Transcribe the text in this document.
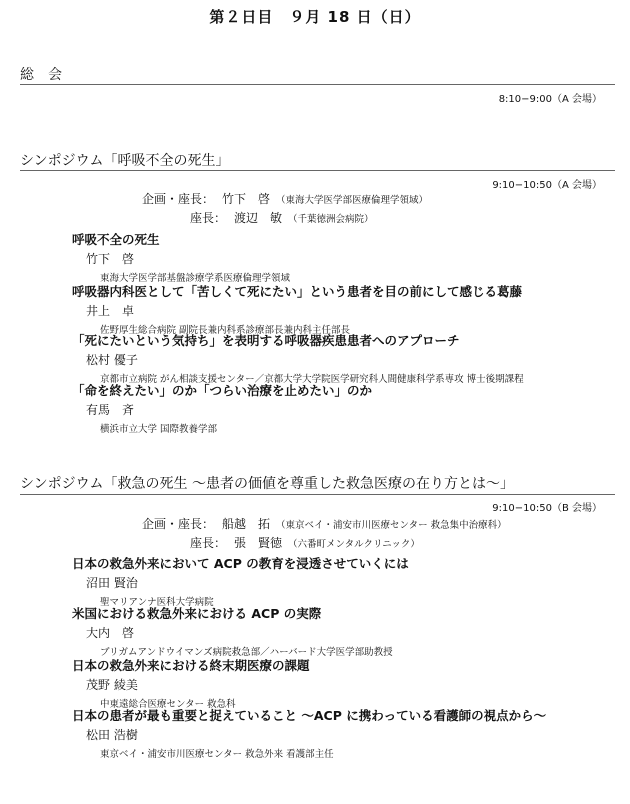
第２日目　９月 18 日（日）
総　会
8:10−9:00（A 会場）
シンポジウム「呼吸不全の死生」
9:10−10:50（A 会場）
企画・座長： 竹下　啓 （東海大学医学部医療倫理学領域）
座長： 渡辺　敏 （千葉徳洲会病院）
呼吸不全の死生
竹下　啓
東海大学医学部基盤診療学系医療倫理学領域
呼吸器内科医として「苦しくて死にたい」という患者を目の前にして感じる葛藤
井上　卓
佐野厚生総合病院 副院長兼内科系診療部長兼内科主任部長
「死にたいという気持ち」を表明する呼吸器疾患患者へのアプローチ
松村 優子
京都市立病院 がん相談支援センター／京都大学大学院医学研究科人間健康科学系専攻 博士後期課程
「命を終えたい」のか「つらい治療を止めたい」のか
有馬　斉
横浜市立大学 国際教養学部
シンポジウム「救急の死生 〜患者の価値を尊重した救急医療の在り方とは〜」
9:10−10:50（B 会場）
企画・座長： 船越　拓 （東京ベイ・浦安市川医療センター 救急集中治療科）
座長： 張　賢徳 （六番町メンタルクリニック）
日本の救急外来において ACP の教育を浸透させていくには
沼田 賢治
聖マリアンナ医科大学病院
米国における救急外来における ACP の実際
大内　啓
ブリガムアンドウイマンズ病院救急部／ハーバード大学医学部助教授
日本の救急外来における終末期医療の課題
茂野 綾美
中東遠総合医療センター 救急科
日本の患者が最も重要と捉えていること 〜ACP に携わっている看護師の視点から〜
松田 浩樹
東京ベイ・浦安市川医療センター 救急外来 看護部主任
